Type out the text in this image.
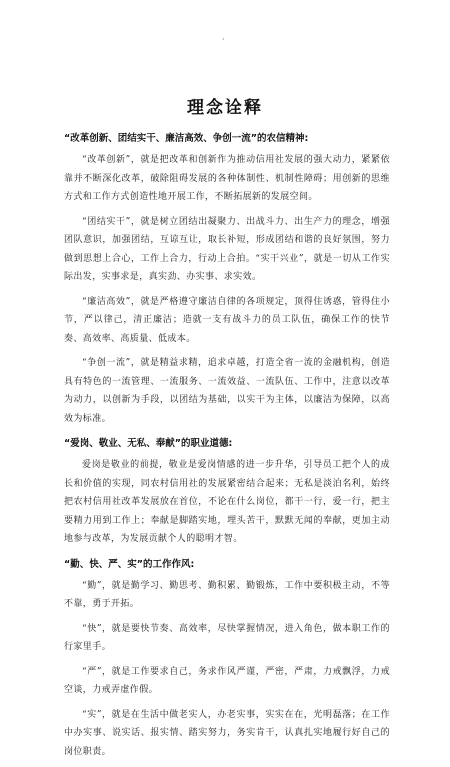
·
理念诠释

“改革创新、团结实干、廉洁高效、争创一流”的农信精神:

“改革创新”，就是把改革和创新作为推动信用社发展的强大动力，紧紧依靠并不断深化改革，破除阻碍发展的各种体制性、机制性障碍；用创新的思维方式和工作方式创造性地开展工作，不断拓展新的发展空间。

“团结实干”，就是树立团结出凝聚力、出战斗力、出生产力的理念，增强团队意识，加强团结，互谅互让，取长补短，形成团结和谐的良好氛围，努力做到思想上合心，工作上合力，行动上合拍。“实干兴业”，就是一切从工作实际出发，实事求是，真实劲、办实事、求实效。

“廉洁高效”，就是严格遵守廉洁自律的各项规定，顶得住诱惑，管得住小节，严以律己，清正廉洁；造就一支有战斗力的员工队伍，确保工作的快节奏、高效率、高质量、低成本。

“争创一流”，就是精益求精，追求卓越，打造全省一流的金融机构，创造具有特色的一流管理、一流服务、一流效益、一流队伍、工作中，注意以改革为动力，以创新为手段，以团结为基础，以实干为主体，以廉洁为保障，以高效为标准。

“爱岗、敬业、无私、奉献”的职业道德:

爱岗是敬业的前提，敬业是爱岗情感的进一步升华，引导员工把个人的成长和价值的实现，同农村信用社的发展紧密结合起来；无私是淡泊名利，始终把农村信用社改革发展放在首位，不论在什么岗位，都干一行，爱一行，把主要精力用到工作上；奉献是脚踏实地，埋头苦干，默默无闻的奉献，更加主动地参与改革，为发展贡献个人的聪明才智。

“勤、快、严、实”的工作作风:

“勤”，就是勤学习、勤思考、勤积累、勤锻炼，工作中要积极主动，不等不靠，勇于开拓。

“快”，就是要快节奏、高效率，尽快掌握情况，进入角色，做本职工作的行家里手。

“严”，就是工作要求自己，务求作风严谨，严密，严肃，力戒飘浮，力戒空谈，力戒弄虚作假。

“实”，就是在生活中做老实人，办老实事，实实在在，光明磊落；在工作中办实事、说实话、报实情、踏实努力，务实肯干，认真扎实地履行好自己的岗位职责。
